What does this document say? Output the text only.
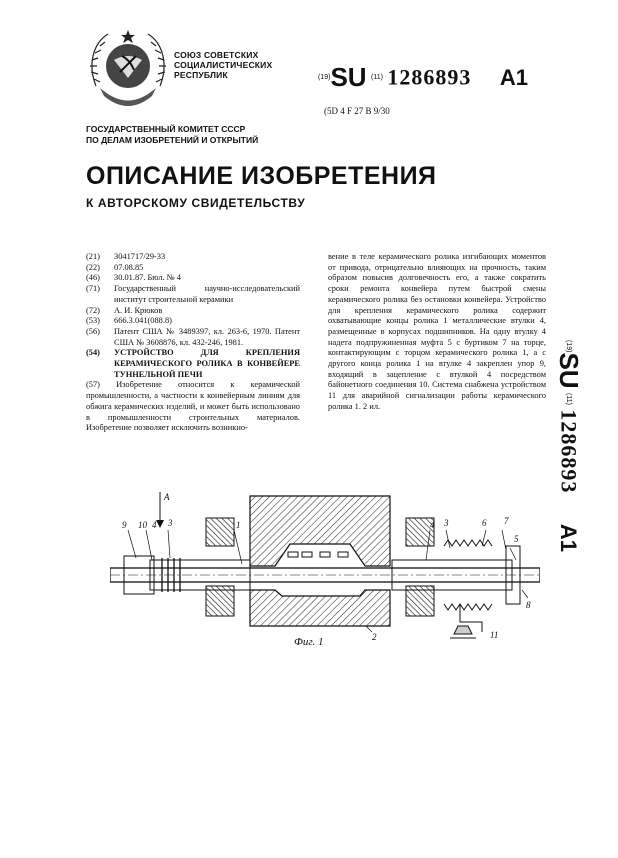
СОЮЗ СОВЕТСКИХ
СОЦИАЛИСТИЧЕСКИХ
РЕСПУБЛИК	(19)SU (11) 1286893 A1
(5D 4 F 27 B 9/30
ГОСУДАРСТВЕННЫЙ КОМИТЕТ СССР
ПО ДЕЛАМ ИЗОБРЕТЕНИЙ И ОТКРЫТИЙ
ОПИСАНИЕ ИЗОБРЕТЕНИЯ
К АВТОРСКОМУ СВИДЕТЕЛЬСТВУ
(21)	3041717/29-33
(22)	07.08.85
(46)	30.01.87. Бюл. № 4
(71)	Государственный научно-исследовательский институт строительной керамики
(72)	А. И. Крюков
(53)	666.3.041(088.8)
(56)	Патент США № 3489397, кл. 263-6, 1970. Патент США № 3608876, кл. 432-246, 1981.
(54)	УСТРОЙСТВО ДЛЯ КРЕПЛЕНИЯ КЕРАМИЧЕСКОГО РОЛИКА В КОНВЕЙЕРЕ ТУННЕЛЬНОЙ ПЕЧИ

(57) Изобретение относится к керамической промышленности, а частности к конвейерным линиям для обжига керамических изделий, и может быть использовано в промышленности строительных материалов. Изобретение позволяет исключить возникно-

вение в теле керамического ролика изгибающих моментов от привода, отрицательно влияющих на прочность, таким образом повысив долговечность его, а также сократить сроки ремонта конвейера путем быстрой смены керамического ролика без остановки конвейера. Устройство для крепления керамического ролика содержит охватывающие концы ролика 1 металлические втулки 4, размещенные в корпусах подшипников. На одну втулку 4 надета подпружиненная муфта 5 с буртиком 7 на торце, контактирующим с торцом керамического ролика 1, а с другого конца ролика 1 на втулке 4 закреплен упор 9, входящий в зацепление с втулкой 4 посредством байонетного соединения 10. Система снабжена устройством 11 для аварийной сигнализации работы керамического ролика 1. 2 ил.

(19)SU (11) 1286893 A1
9 10 4 3
А
1
2
4 3	6 7
5
8
11
Фиг. 1
